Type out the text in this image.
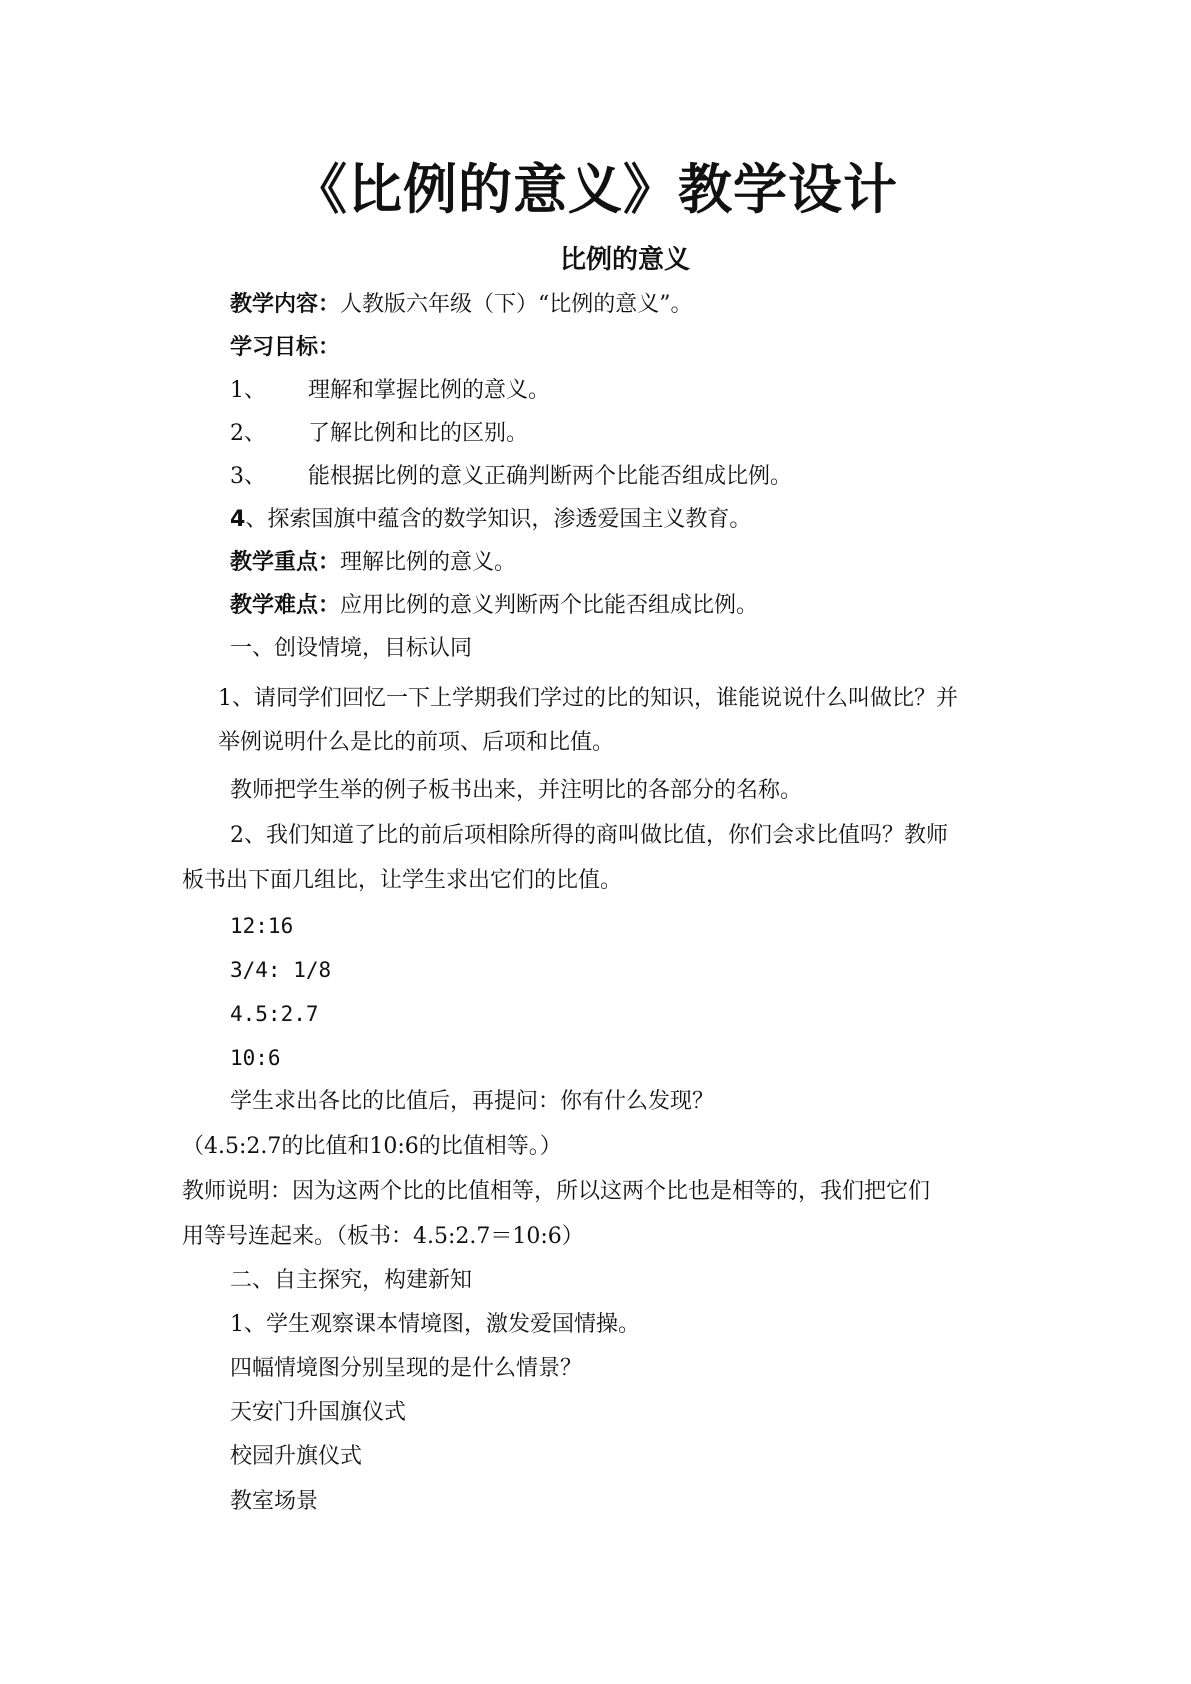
《比例的意义》教学设计
比例的意义
教学内容：人教版六年级（下）“比例的意义”。
学习目标：
1、 理解和掌握比例的意义。
2、 了解比例和比的区别。
3、 能根据比例的意义正确判断两个比能否组成比例。
4、探索国旗中蕴含的数学知识，渗透爱国主义教育。
教学重点：理解比例的意义。
教学难点：应用比例的意义判断两个比能否组成比例。
一、创设情境，目标认同
1、请同学们回忆一下上学期我们学过的比的知识，谁能说说什么叫做比？并
举例说明什么是比的前项、后项和比值。
教师把学生举的例子板书出来，并注明比的各部分的名称。
2、我们知道了比的前后项相除所得的商叫做比值，你们会求比值吗？教师
板书出下面几组比，让学生求出它们的比值。
12:16
3/4: 1/8
4.5:2.7
10:6
学生求出各比的比值后，再提问：你有什么发现？
（4.5:2.7的比值和10:6的比值相等。）
教师说明：因为这两个比的比值相等，所以这两个比也是相等的，我们把它们
用等号连起来。（板书：4.5:2.7＝10:6）
二、自主探究，构建新知
1、学生观察课本情境图，激发爱国情操。
四幅情境图分别呈现的是什么情景？
天安门升国旗仪式
校园升旗仪式
教室场景
